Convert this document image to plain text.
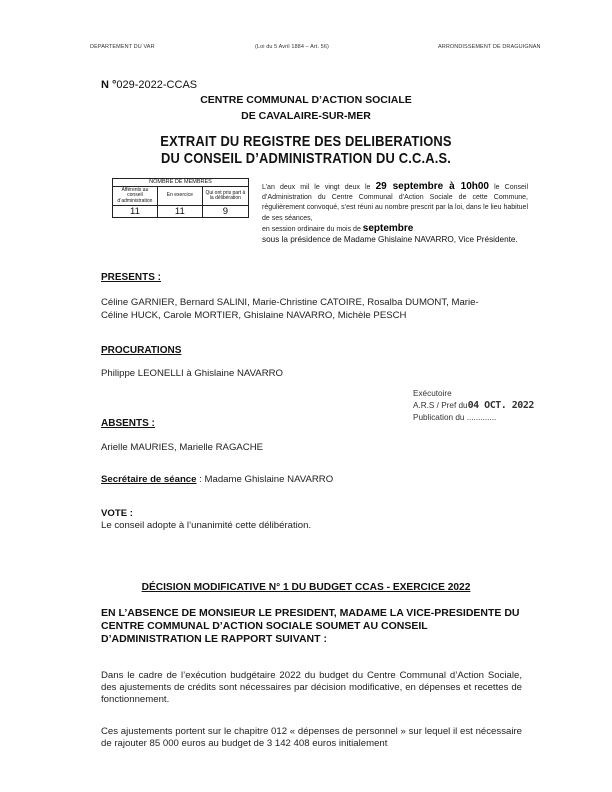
DEPARTEMENT DU VAR	(Loi du 5 Avril 1884 – Art. 56)	ARRONDISSEMENT DE DRAGUIGNAN
N °029-2022-CCAS
CENTRE COMMUNAL D’ACTION SOCIALE
DE CAVALAIRE-SUR-MER
EXTRAIT DU REGISTRE DES DELIBERATIONS
DU CONSEIL D’ADMINISTRATION DU C.C.A.S.
NOMBRE DE MEMBRES		
Afférents au conseil d’administration	En exercice	Qui ont pris part à la délibération
11	11	9
L’an deux mil le vingt deux le 29 septembre à 10h00 le Conseil d’Administration du Centre Communal d’Action Sociale de cette Commune, régulièrement convoqué, s’est réuni au nombre prescrit par la loi, dans le lieu habituel de ses séances,
en session ordinaire du mois de septembre
sous la présidence de Madame Ghislaine NAVARRO, Vice Présidente.
PRESENTS :
Céline GARNIER, Bernard SALINI, Marie-Christine CATOIRE, Rosalba DUMONT, Marie-
Céline HUCK, Carole MORTIER, Ghislaine NAVARRO, Michèle PESCH
PROCURATIONS
Philippe LEONELLI à Ghislaine NAVARRO
Exécutoire
A.R.S / Pref du04 OCT. 2022
Publication du .............
ABSENTS :
Arielle MAURIES, Marielle RAGACHE
Secrétaire de séance : Madame Ghislaine NAVARRO
VOTE :
Le conseil adopte à l’unanimité cette délibération.
DÉCISION MODIFICATIVE N° 1 DU BUDGET CCAS - EXERCICE 2022
EN L’ABSENCE DE MONSIEUR LE PRESIDENT, MADAME LA VICE-PRESIDENTE DU CENTRE COMMUNAL D’ACTION SOCIALE SOUMET AU CONSEIL D’ADMINISTRATION LE RAPPORT SUIVANT :
Dans le cadre de l’exécution budgétaire 2022 du budget du Centre Communal d’Action Sociale, des ajustements de crédits sont nécessaires par décision modificative, en dépenses et recettes de fonctionnement.
Ces ajustements portent sur le chapitre 012 « dépenses de personnel » sur lequel il est nécessaire de rajouter 85 000 euros au budget de 3 142 408 euros initialement
